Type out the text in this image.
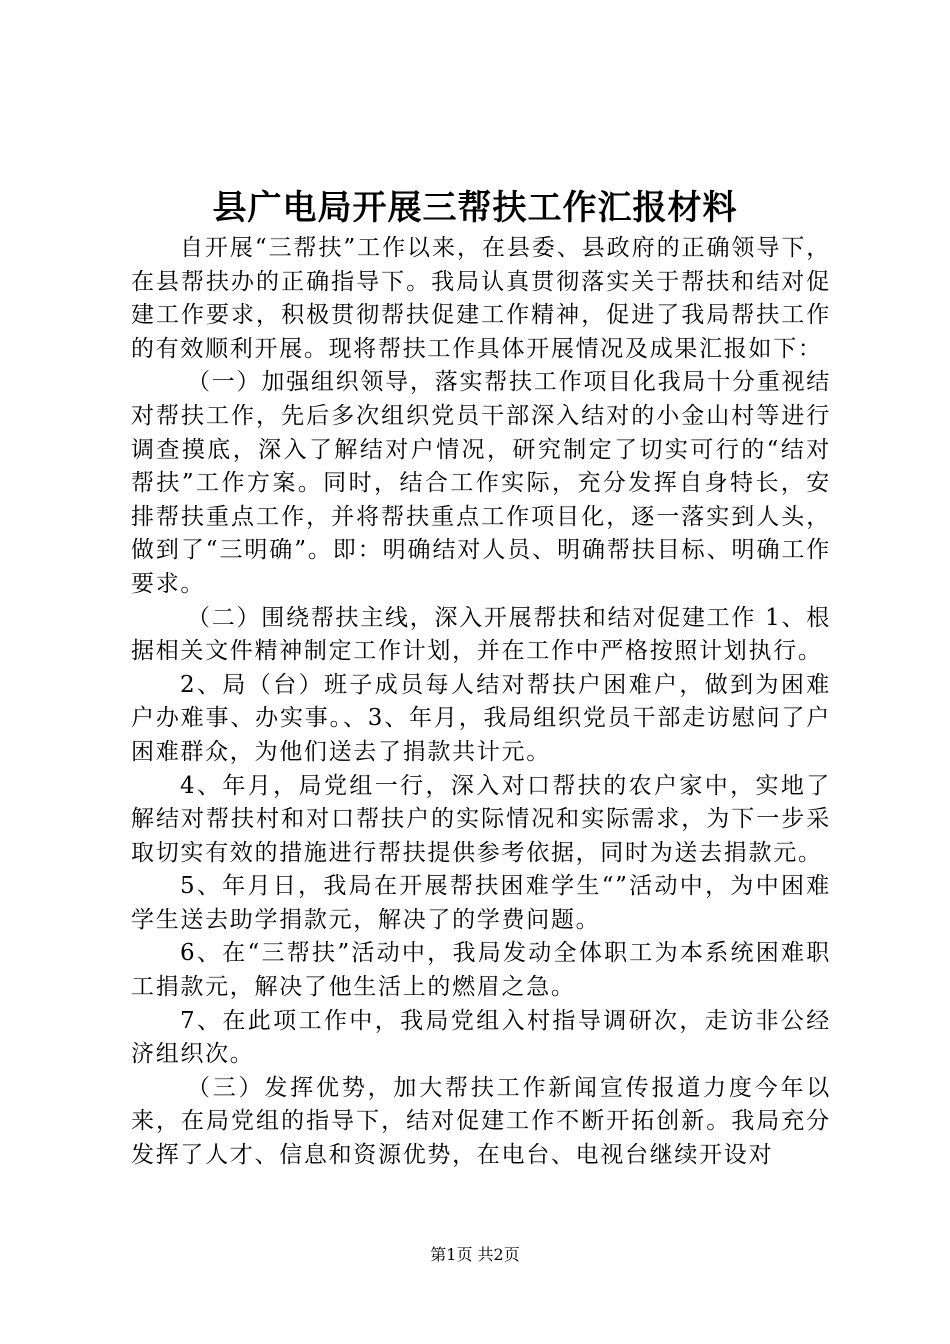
县广电局开展三帮扶工作汇报材料

自开展“三帮扶”工作以来，在县委、县政府的正确领导下，在县帮扶办的正确指导下。我局认真贯彻落实关于帮扶和结对促建工作要求，积极贯彻帮扶促建工作精神，促进了我局帮扶工作的有效顺利开展。现将帮扶工作具体开展情况及成果汇报如下：

（一）加强组织领导，落实帮扶工作项目化我局十分重视结对帮扶工作，先后多次组织党员干部深入结对的小金山村等进行调查摸底，深入了解结对户情况，研究制定了切实可行的“结对帮扶”工作方案。同时，结合工作实际，充分发挥自身特长，安排帮扶重点工作，并将帮扶重点工作项目化，逐一落实到人头，做到了“三明确”。即：明确结对人员、明确帮扶目标、明确工作要求。

（二）围绕帮扶主线，深入开展帮扶和结对促建工作 1、根据相关文件精神制定工作计划，并在工作中严格按照计划执行。

2、局（台）班子成员每人结对帮扶户困难户，做到为困难户办难事、办实事。、3、年月，我局组织党员干部走访慰问了户困难群众，为他们送去了捐款共计元。

4、年月，局党组一行，深入对口帮扶的农户家中，实地了解结对帮扶村和对口帮扶户的实际情况和实际需求，为下一步采取切实有效的措施进行帮扶提供参考依据，同时为送去捐款元。

5、年月日，我局在开展帮扶困难学生“”活动中，为中困难学生送去助学捐款元，解决了的学费问题。

6、在“三帮扶”活动中，我局发动全体职工为本系统困难职工捐款元，解决了他生活上的燃眉之急。

7、在此项工作中，我局党组入村指导调研次，走访非公经济组织次。

（三）发挥优势，加大帮扶工作新闻宣传报道力度今年以来，在局党组的指导下，结对促建工作不断开拓创新。我局充分发挥了人才、信息和资源优势，在电台、电视台继续开设对

第1页 共2页
